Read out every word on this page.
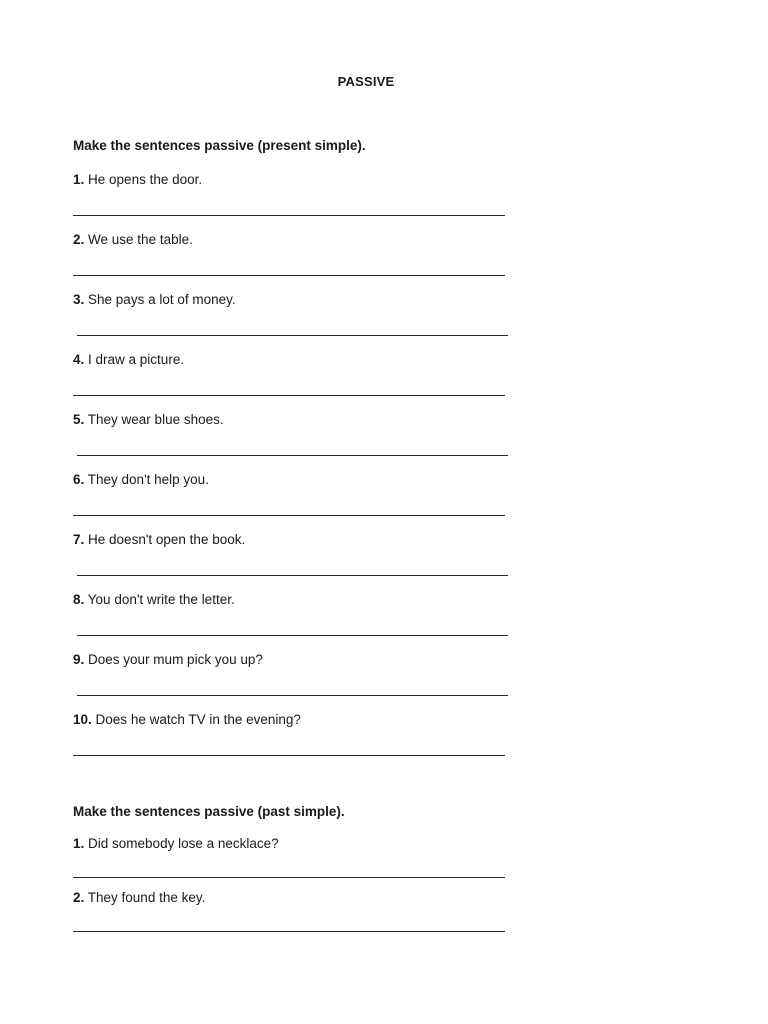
PASSIVE
Make the sentences passive (present simple).
1. He opens the door.
2. We use the table.
3. She pays a lot of money.
4. I draw a picture.
5. They wear blue shoes.
6. They don't help you.
7. He doesn't open the book.
8. You don't write the letter.
9. Does your mum pick you up?
10. Does he watch TV in the evening?
Make the sentences passive (past simple).
1. Did somebody lose a necklace?
2. They found the key.
